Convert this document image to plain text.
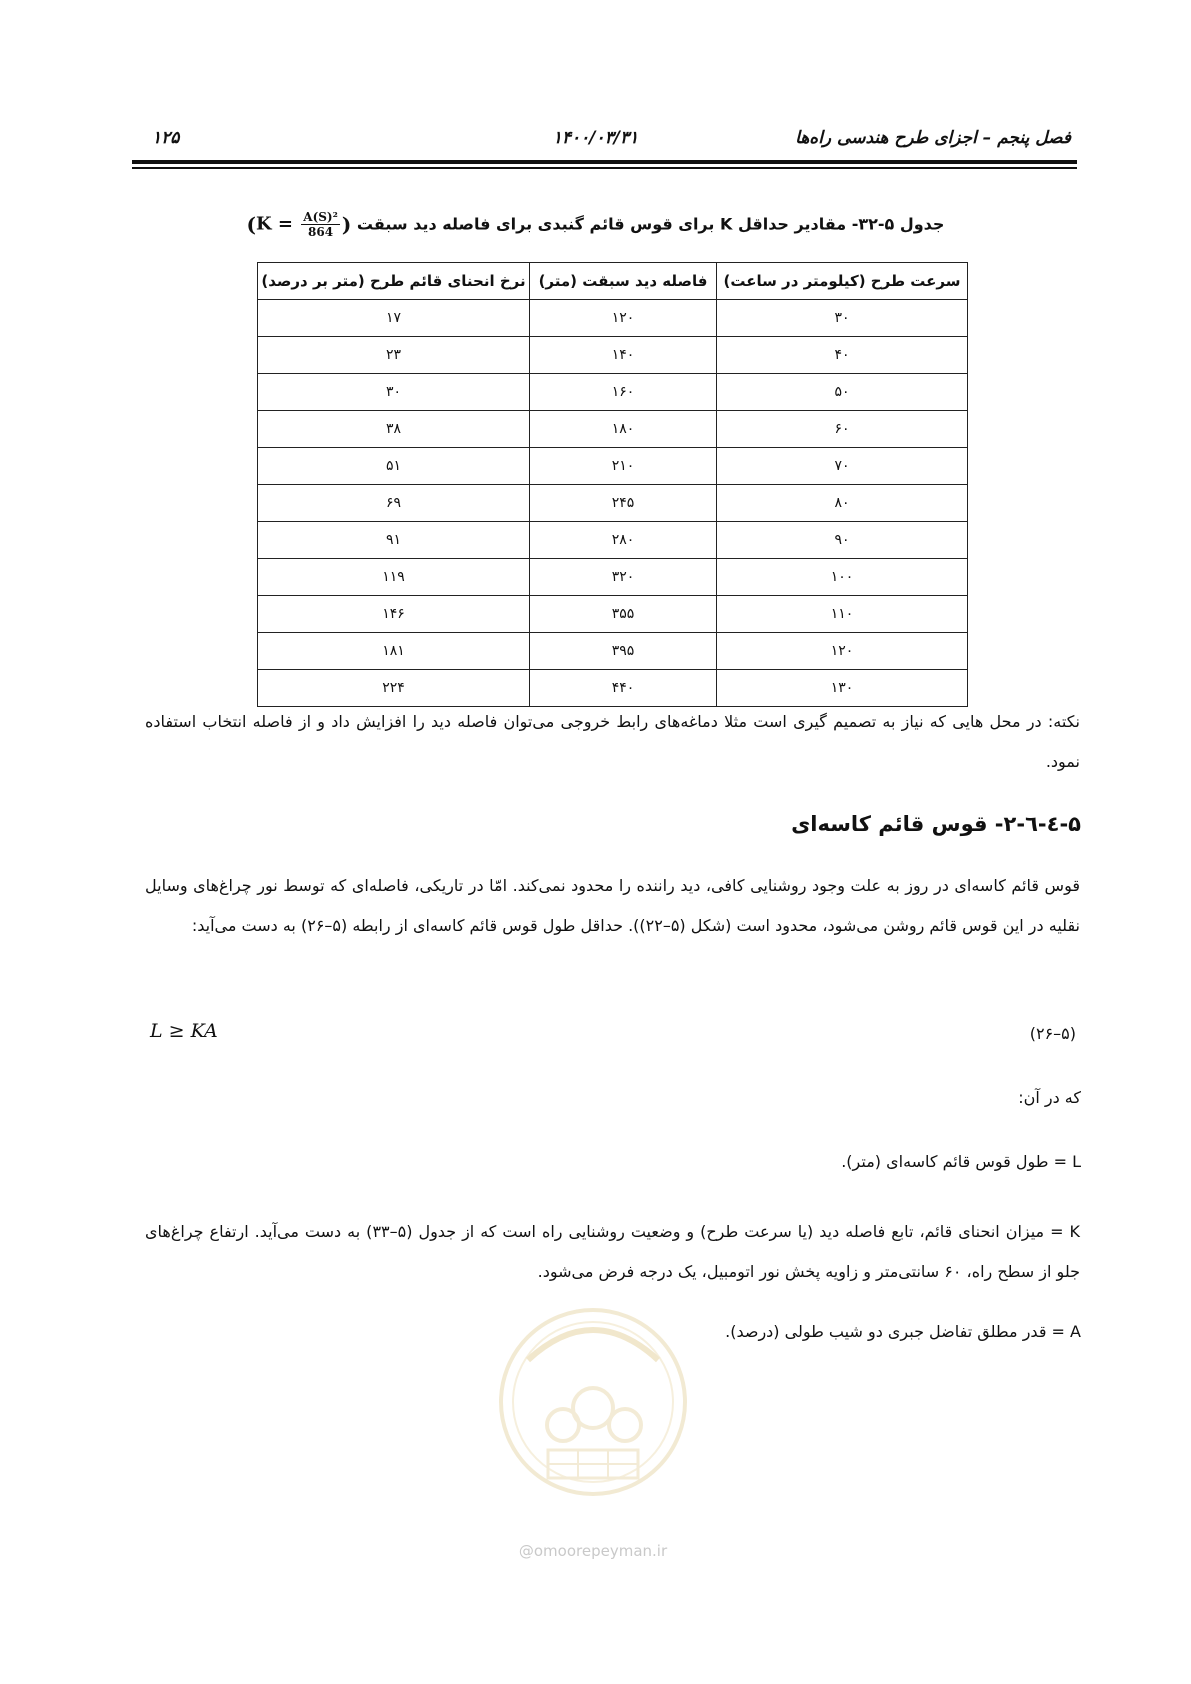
فصل پنجم – اجزای طرح هندسی راه‌ها
۱۴۰۰/۰۳/۳۱
۱۲۵
جدول ۵-۳۲- مقادیر حداقل K برای قوس قائم گنبدی برای فاصله دید سبقت ($K = \frac{\text{A(S)²}}{864}$ )
سرعت طرح (کیلومتر در ساعت)	فاصله دید سبقت (متر)	نرخ انحنای قائم طرح (متر بر درصد)
۳۰	۱۲۰	۱۷
۴۰	۱۴۰	۲۳
۵۰	۱۶۰	۳۰
۶۰	۱۸۰	۳۸
۷۰	۲۱۰	۵۱
۸۰	۲۴۵	۶۹
۹۰	۲۸۰	۹۱
۱۰۰	۳۲۰	۱۱۹
۱۱۰	۳۵۵	۱۴۶
۱۲۰	۳۹۵	۱۸۱
۱۳۰	۴۴۰	۲۲۴
نکته: در محل هایی که نیاز به تصمیم گیری است مثلا دماغه‌های رابط خروجی می‌توان فاصله دید را افزایش داد و از فاصله انتخاب استفاده نمود.
۵-٤-٦-۲- قوس قائم کاسه‌ای
قوس قائم کاسه‌ای در روز به علت وجود روشنایی کافی، دید راننده را محدود نمی‌کند. امّا در تاریکی، فاصله‌ای که توسط نور چراغ‌های وسایل نقلیه در این قوس قائم روشن می‌شود، محدود است (شکل (۵–۲۲)). حداقل طول قوس قائم کاسه‌ای از رابطه (۵–۲۶) به دست می‌آید:
L ≥ KA	(۵–۲۶)
که در آن:
L = طول قوس قائم کاسه‌ای (متر).
K = میزان انحنای قائم، تابع فاصله دید (یا سرعت طرح) و وضعیت روشنایی راه است که از جدول (۵–۳۳) به دست می‌آید. ارتفاع چراغ‌های جلو از سطح راه، ۶۰ سانتی‌متر و زاویه پخش نور اتومبیل، یک درجه فرض می‌شود.
A = قدر مطلق تفاضل جبری دو شیب طولی (درصد).
@omoorepeyman.ir
